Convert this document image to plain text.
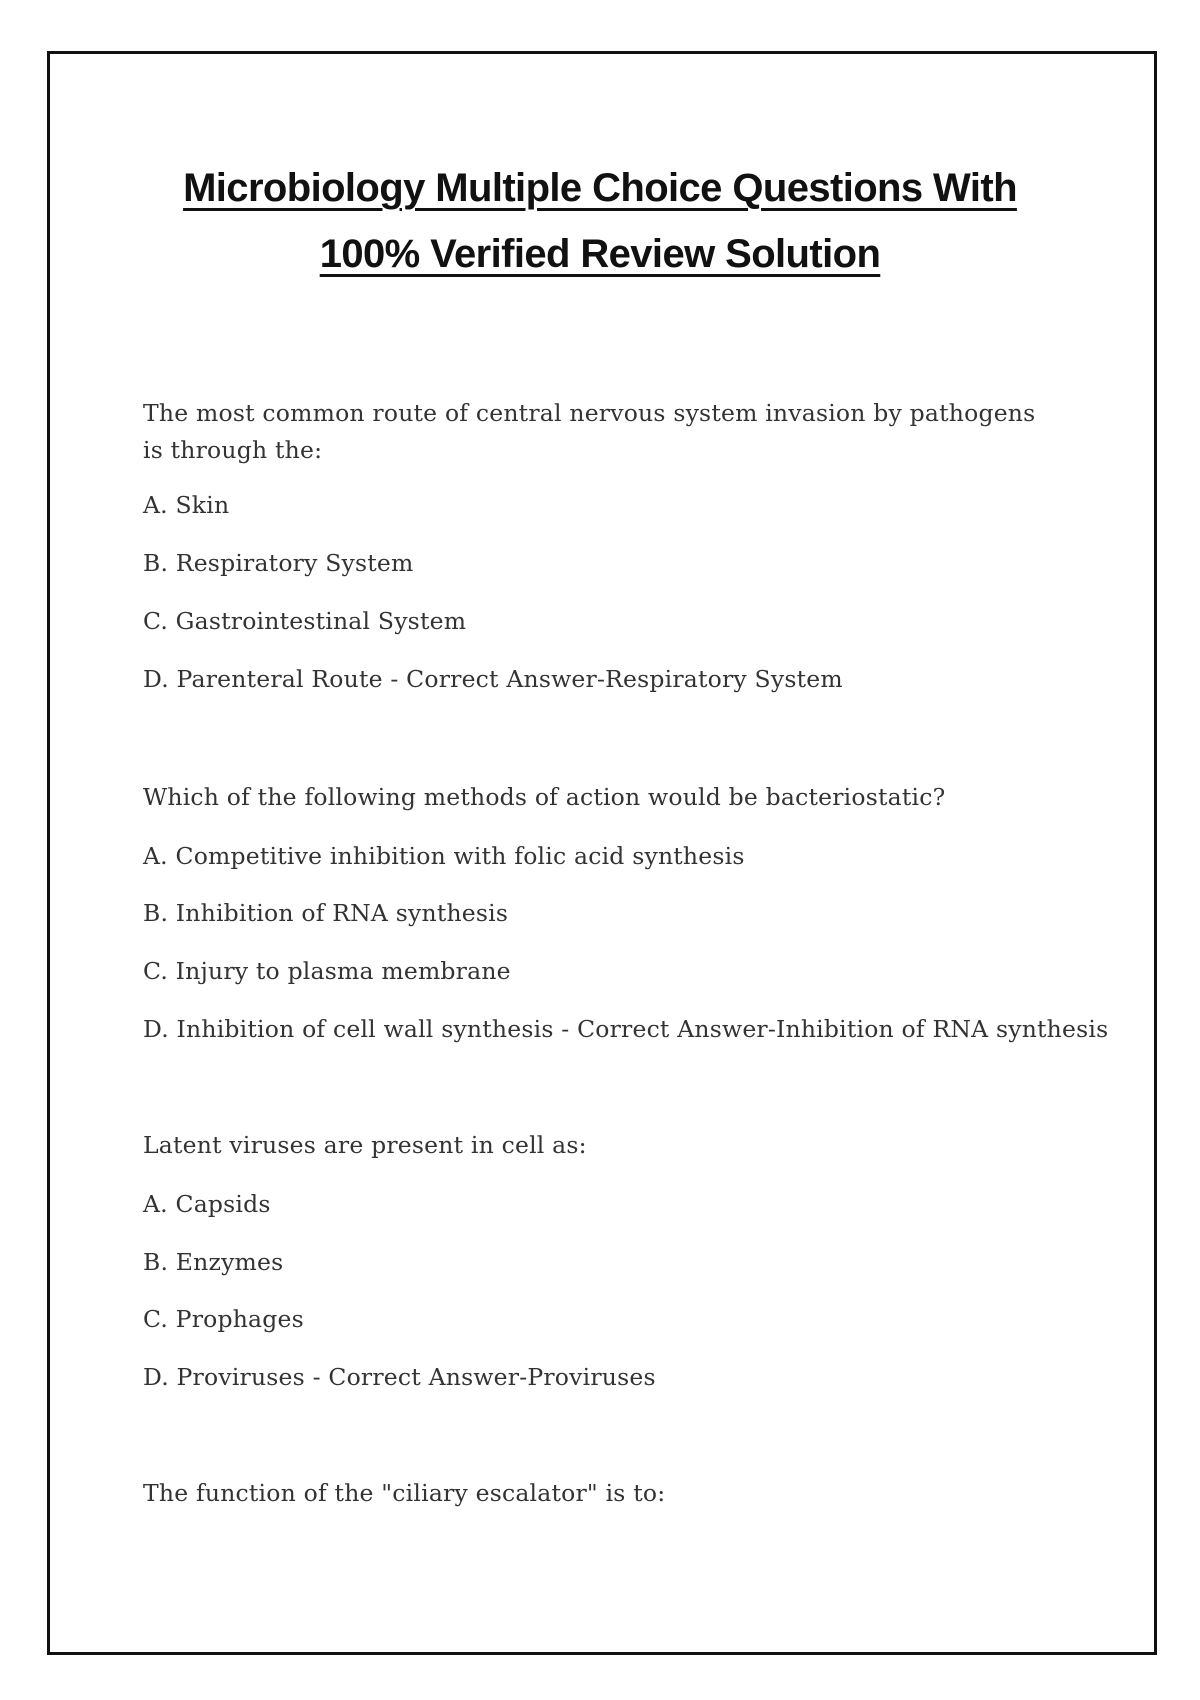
Microbiology Multiple Choice Questions With
100% Verified Review Solution
The most common route of central nervous system invasion by pathogens is through the:
A. Skin
B. Respiratory System
C. Gastrointestinal System
D. Parenteral Route - Correct Answer-Respiratory System
Which of the following methods of action would be bacteriostatic?
A. Competitive inhibition with folic acid synthesis
B. Inhibition of RNA synthesis
C. Injury to plasma membrane
D. Inhibition of cell wall synthesis - Correct Answer-Inhibition of RNA synthesis
Latent viruses are present in cell as:
A. Capsids
B. Enzymes
C. Prophages
D. Proviruses - Correct Answer-Proviruses
The function of the "ciliary escalator" is to:
